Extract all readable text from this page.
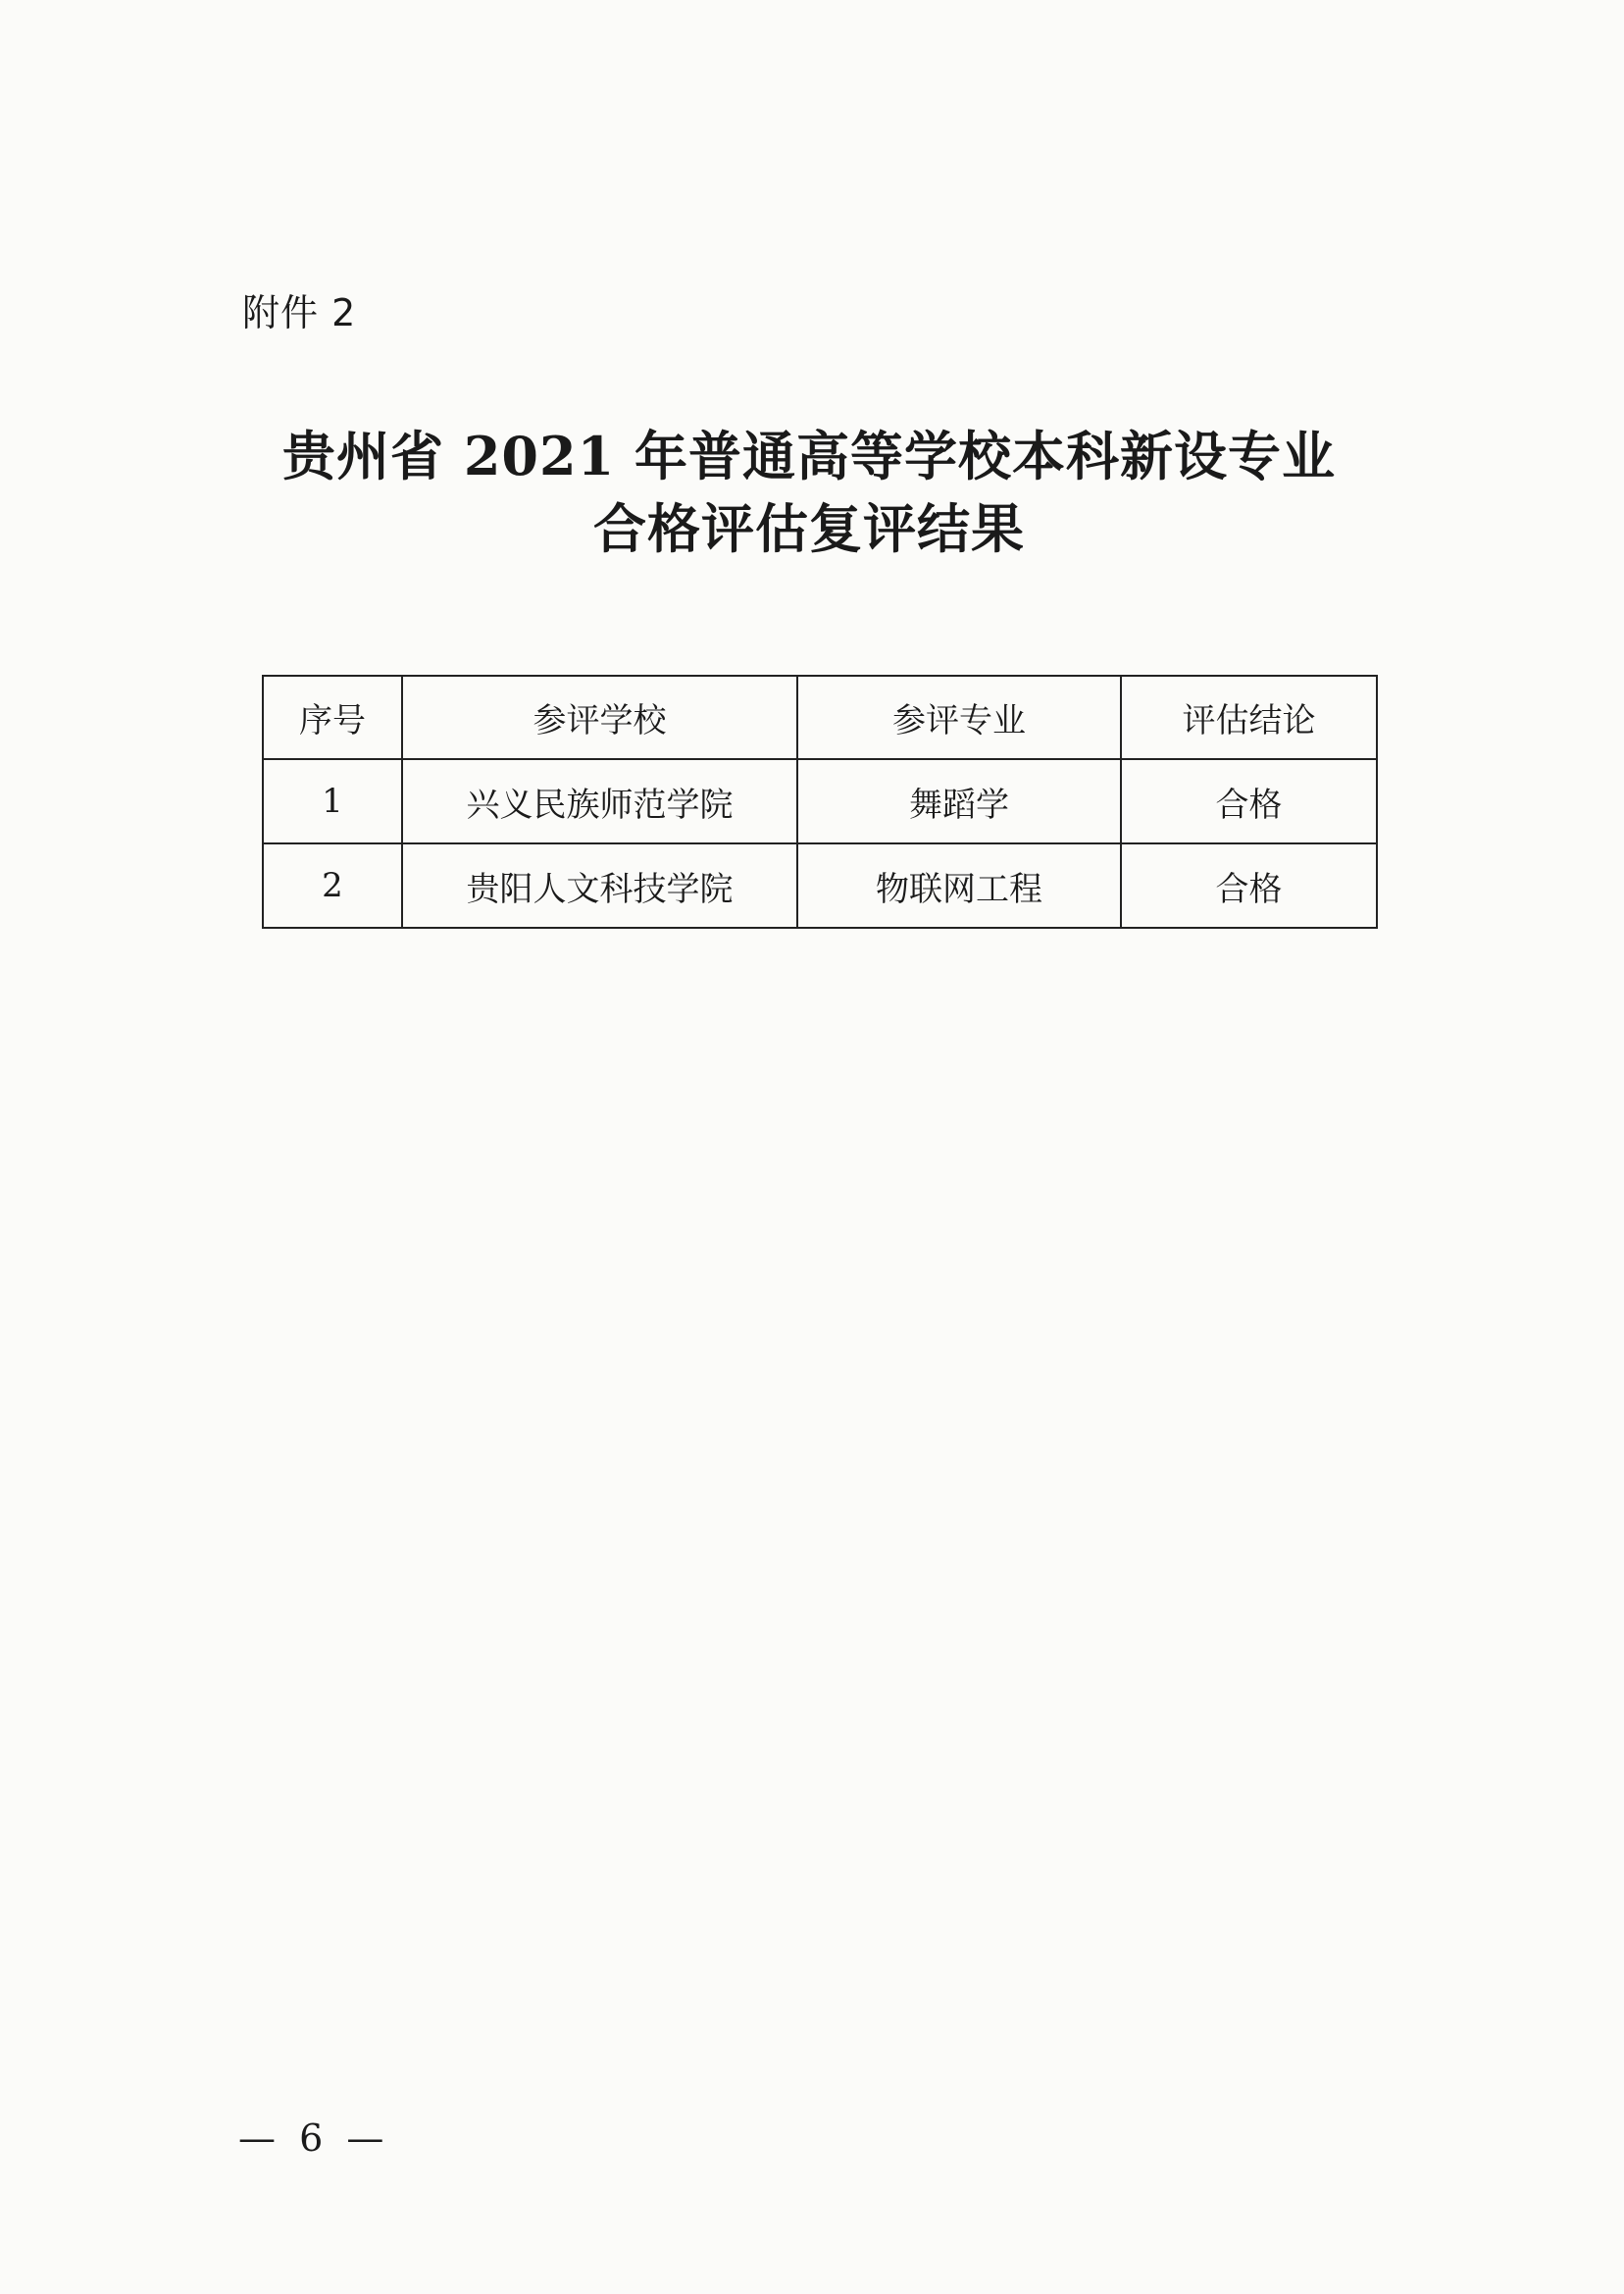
附件 2
贵州省 2021 年普通高等学校本科新设专业
合格评估复评结果
序号	参评学校	参评专业	评估结论
1	兴义民族师范学院	舞蹈学	合格
2	贵阳人文科技学院	物联网工程	合格
— 6 —
